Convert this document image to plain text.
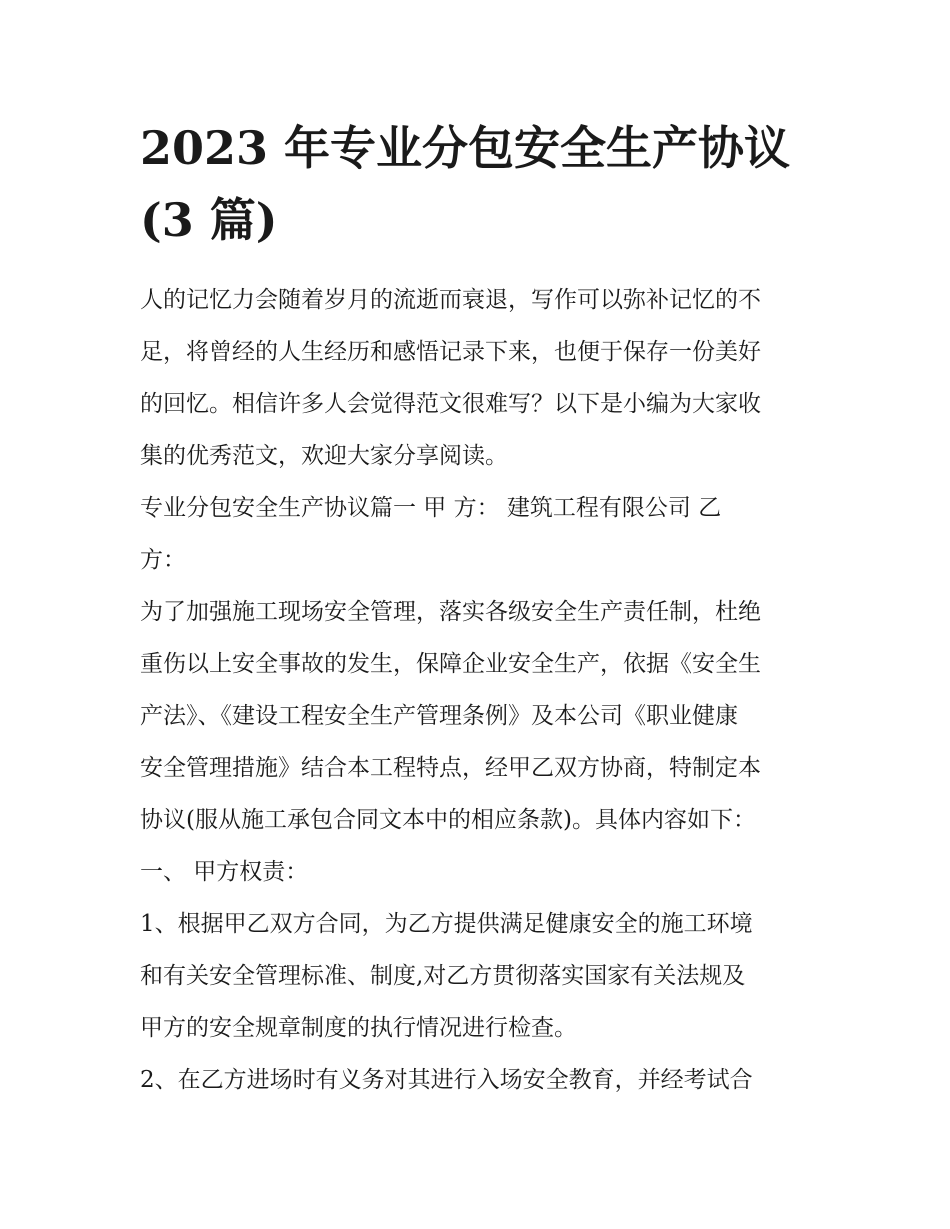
2023 年专业分包安全生产协议
(3 篇)
人的记忆力会随着岁月的流逝而衰退，写作可以弥补记忆的不
足，将曾经的人生经历和感悟记录下来，也便于保存一份美好
的回忆。相信许多人会觉得范文很难写？以下是小编为大家收
集的优秀范文，欢迎大家分享阅读。
专业分包安全生产协议篇一 甲 方： 建筑工程有限公司 乙
方：
为了加强施工现场安全管理，落实各级安全生产责任制，杜绝
重伤以上安全事故的发生，保障企业安全生产，依据《安全生
产法》、《建设工程安全生产管理条例》及本公司《职业健康
安全管理措施》结合本工程特点，经甲乙双方协商，特制定本
协议(服从施工承包合同文本中的相应条款)。具体内容如下：
一、 甲方权责：
1、根据甲乙双方合同，为乙方提供满足健康安全的施工环境
和有关安全管理标准、制度,对乙方贯彻落实国家有关法规及
甲方的安全规章制度的执行情况进行检查。
2、在乙方进场时有义务对其进行入场安全教育，并经考试合
